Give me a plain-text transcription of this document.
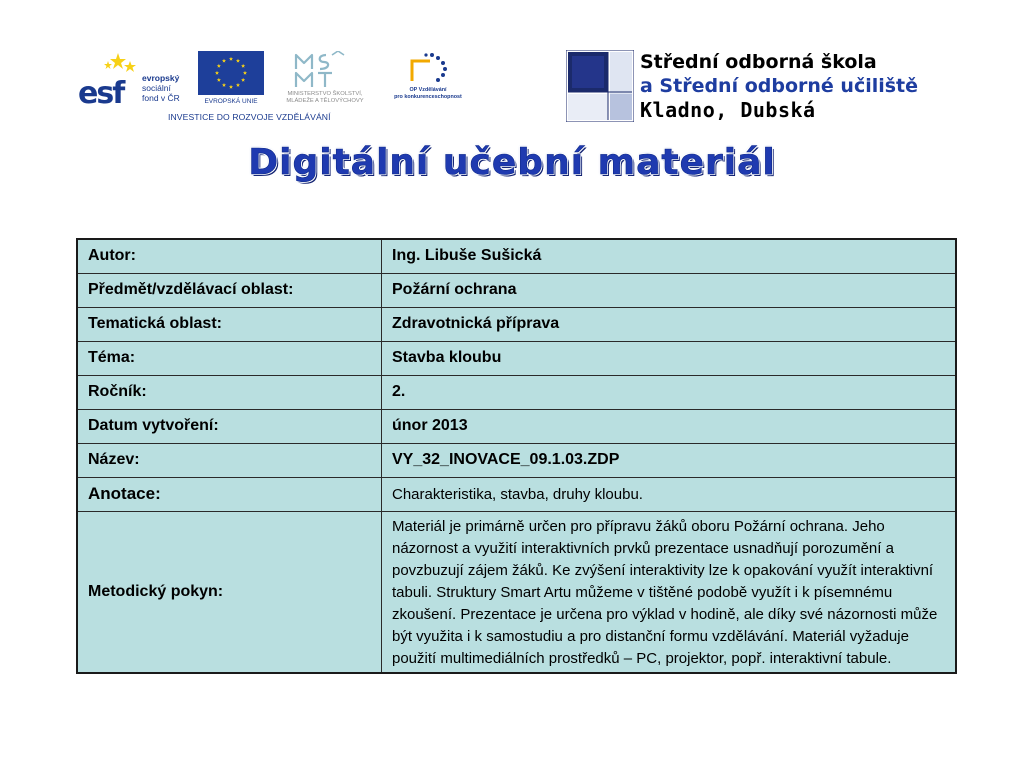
esf	evropský
sociální
fond v ČR	EVROPSKÁ UNIE
MINISTERSTVO ŠKOLSTVÍ,
MLÁDEŽE A TĚLOVÝCHOVY
OP Vzdělávání
pro konkurenceschopnost
INVESTICE DO ROZVOJE VZDĚLÁVÁNÍ
Střední odborná škola
a Střední odborné učiliště
Kladno, Dubská
Digitální učební materiál
Autor:	Ing. Libuše Sušická
Předmět/vzdělávací oblast:	Požární ochrana
Tematická oblast:	Zdravotnická příprava
Téma:	Stavba kloubu
Ročník:	2.
Datum vytvoření:	únor 2013
Název:	VY_32_INOVACE_09.1.03.ZDP
Anotace:	Charakteristika, stavba, druhy kloubu.
Metodický pokyn:	Materiál je primárně určen pro přípravu žáků oboru Požární ochrana. Jeho názornost a využití interaktivních prvků prezentace usnadňují porozumění a povzbuzují zájem žáků. Ke zvýšení interaktivity lze k opakování využít interaktivní tabuli. Struktury Smart Artu můžeme v tištěné podobě využít i k písemnému zkoušení. Prezentace je určena pro výklad v hodině, ale díky své názornosti může být využita i k samostudiu a pro distanční formu vzdělávání. Materiál vyžaduje použití multimediálních prostředků – PC, projektor, popř. interaktivní tabule.
